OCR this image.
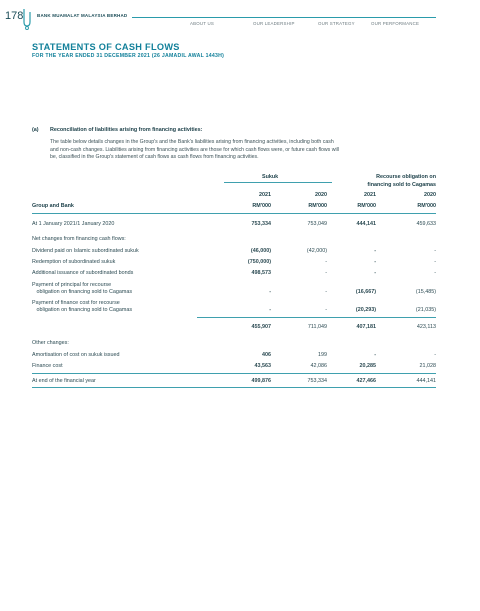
178	BANK MUAMALAT MALAYSIA BERHAD
ABOUT US	OUR LEADERSHIP	OUR STRATEGY	OUR PERFORMANCE
STATEMENTS OF CASH FLOWS
FOR THE YEAR ENDED 31 DECEMBER 2021 (26 JAMADIL AWAL 1443H)
(a) Reconciliation of liabilities arising from financing activities:
The table below details changes in the Group's and the Bank's liabilities arising from financing activities, including both cash
and non-cash changes. Liabilities arising from financing activities are those for which cash flows were, or future cash flows will
be, classified in the Group's statement of cash flows as cash flows from financing activities.
Sukuk	Recourse obligation on
financing sold to Cagamas
2021	2020	2021	2020
Group and Bank	RM'000	RM'000	RM'000	RM'000
At 1 January 2021/1 January 2020	753,334	753,049	444,141	459,633
Net changes from financing cash flows:
Dividend paid on Islamic subordinated sukuk	(46,000)	(42,000)	-	-
Redemption of subordinated sukuk	(750,000)	-	-	-
Additional issuance of subordinated bonds	498,573	-	-	-
Payment of principal for recourse
obligation on financing sold to Cagamas	-	-	(16,667)	(15,485)
Payment of finance cost for recourse
obligation on financing sold to Cagamas	-	-	(20,293)	(21,035)
455,907	711,049	407,181	423,113
Other changes:
Amortisation of cost on sukuk issued	406	199	-	-
Finance cost	43,563	42,086	20,285	21,028
At end of the financial year	499,876	753,334	427,466	444,141
